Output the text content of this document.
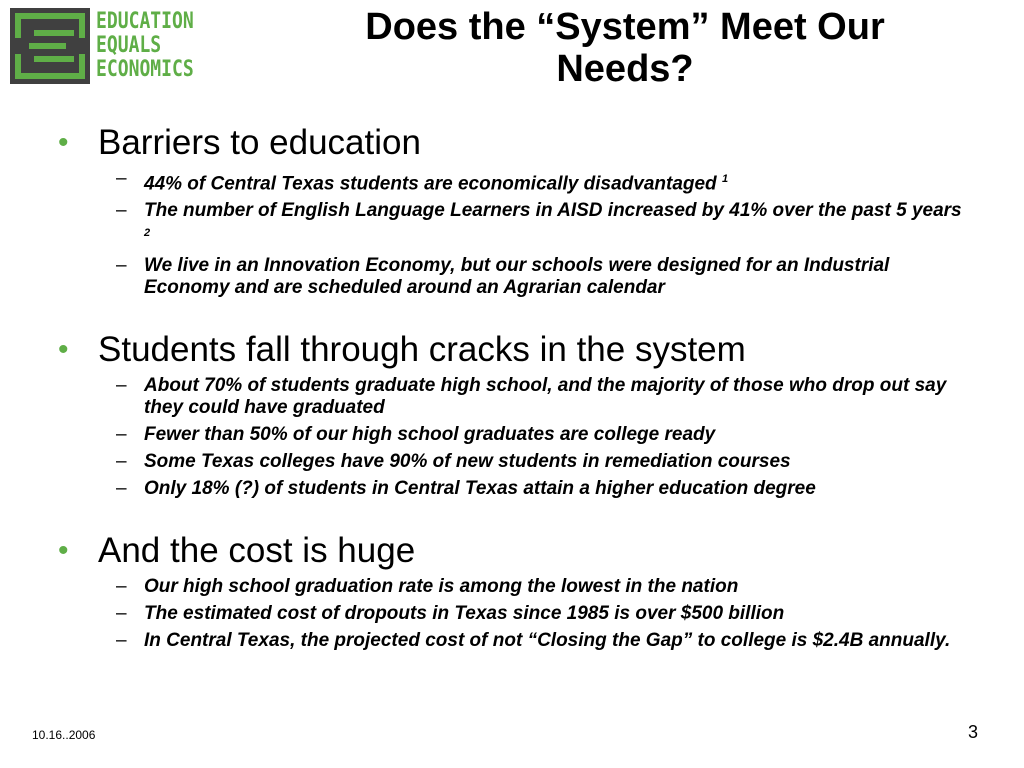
EDUCATION
EQUALS
ECONOMICS
Does the “System” Meet Our Needs?
• Barriers to education
– 44% of Central Texas students are economically disadvantaged $^1$
– The number of English Language Learners in AISD increased by 41% over the past 5 years $^2$
– We live in an Innovation Economy, but our schools were designed for an Industrial Economy and are scheduled around an Agrarian calendar
• Students fall through cracks in the system
– About 70% of students graduate high school, and the majority of those who drop out say they could have graduated
– Fewer than 50% of our high school graduates are college ready
– Some Texas colleges have 90% of new students in remediation courses
– Only 18% (?) of students in Central Texas attain a higher education degree
• And the cost is huge
– Our high school graduation rate is among the lowest in the nation
– The estimated cost of dropouts in Texas since 1985 is over $500 billion
– In Central Texas, the projected cost of not “Closing the Gap” to college is $2.4B annually.
10.16..2006	3
